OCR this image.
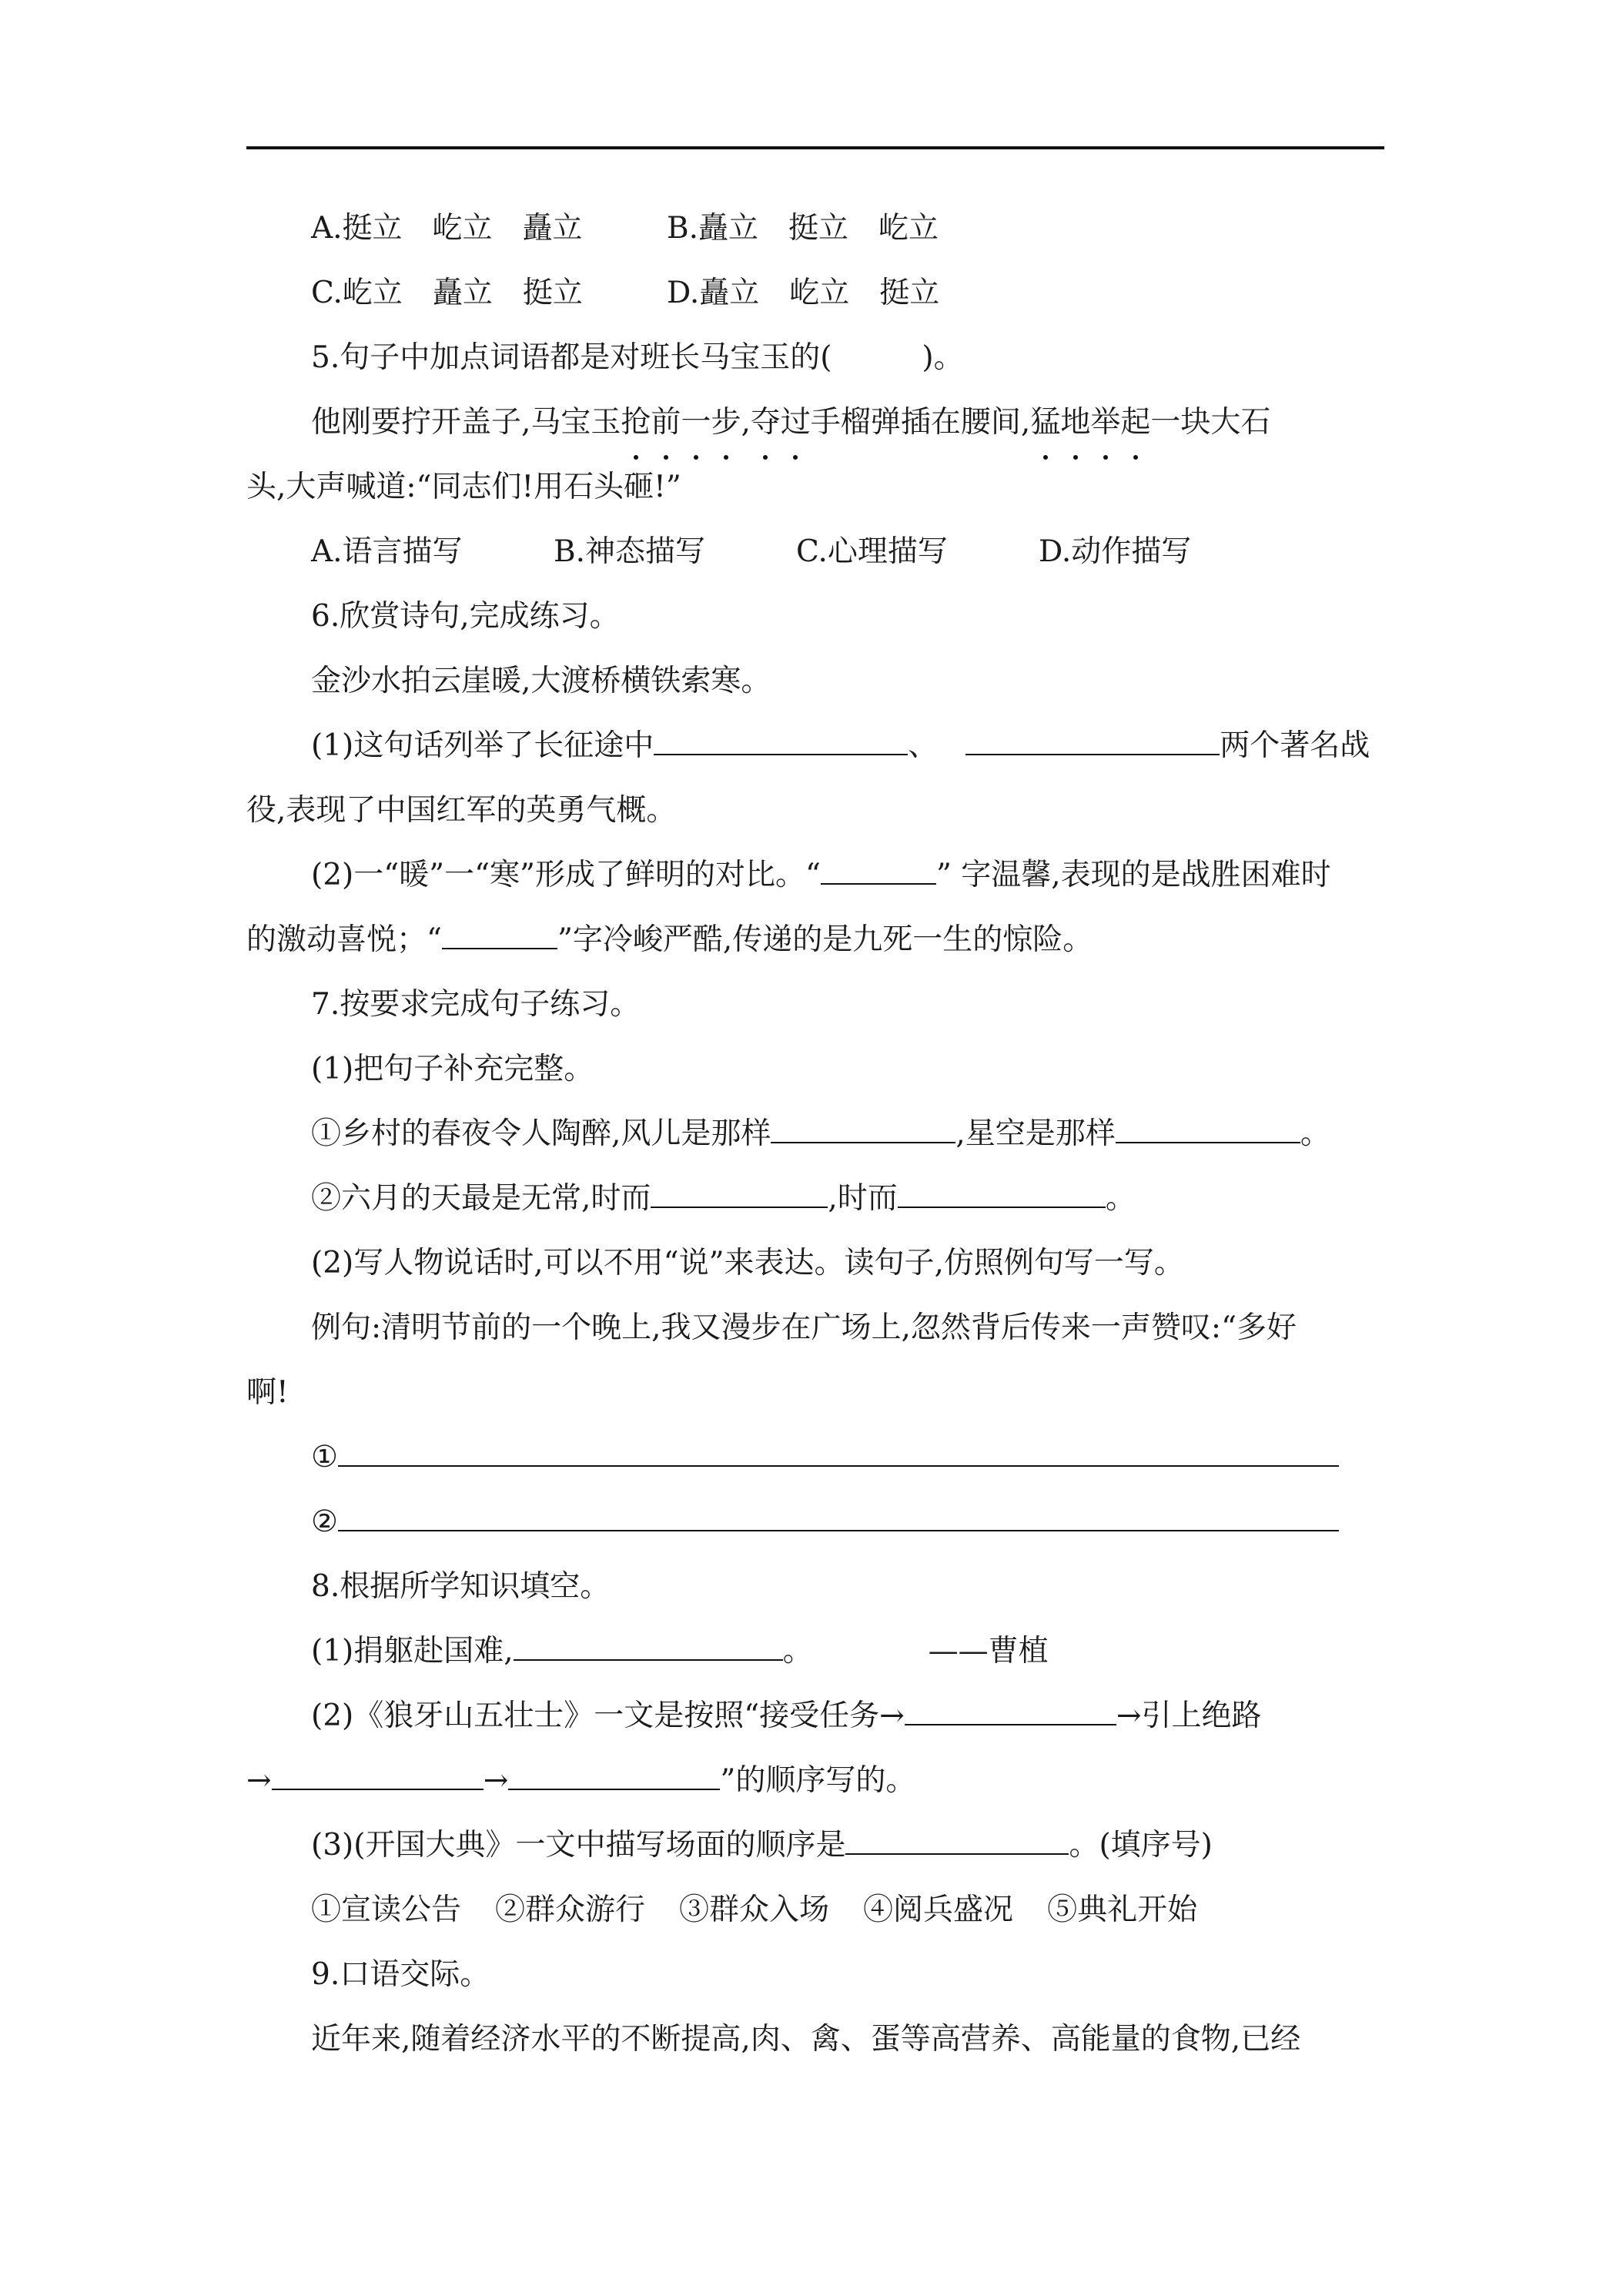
A.挺立　屹立　矗立	B.矗立　挺立　屹立
C.屹立　矗立　挺立	D.矗立　屹立　挺立
5.句子中加点词语都是对班长马宝玉的(　　　)。
他刚要拧开盖子,马宝玉抢前一步,夺过手榴弹插在腰间,猛地举起一块大石
头,大声喊道:“同志们!用石头砸!”
A.语言描写	B.神态描写	C.心理描写	D.动作描写
6.欣赏诗句,完成练习。
金沙水拍云崖暖,大渡桥横铁索寒。
(1)这句话列举了长征途中	、	两个著名战
役,表现了中国红军的英勇气概。
(2)一“暖”一“寒”形成了鲜明的对比。“	” 字温馨,表现的是战胜困难时
的激动喜悦；“	”字冷峻严酷,传递的是九死一生的惊险。
7.按要求完成句子练习。
(1)把句子补充完整。
①乡村的春夜令人陶醉,风儿是那样	,星空是那样	。
②六月的天最是无常,时而	,时而	。
(2)写人物说话时,可以不用“说”来表达。读句子,仿照例句写一写。
例句:清明节前的一个晚上,我又漫步在广场上,忽然背后传来一声赞叹:“多好
啊!
①
②
8.根据所学知识填空。
(1)捐躯赴国难,	。	——曹植
(2)《狼牙山五壮士》一文是按照“接受任务→	→引上绝路
→	→	”的顺序写的。
(3)(开国大典》一文中描写场面的顺序是	。(填序号)
①宣读公告 ②群众游行 ③群众入场 ④阅兵盛况 ⑤典礼开始
9.口语交际。
近年来,随着经济水平的不断提高,肉、禽、蛋等高营养、高能量的食物,已经
